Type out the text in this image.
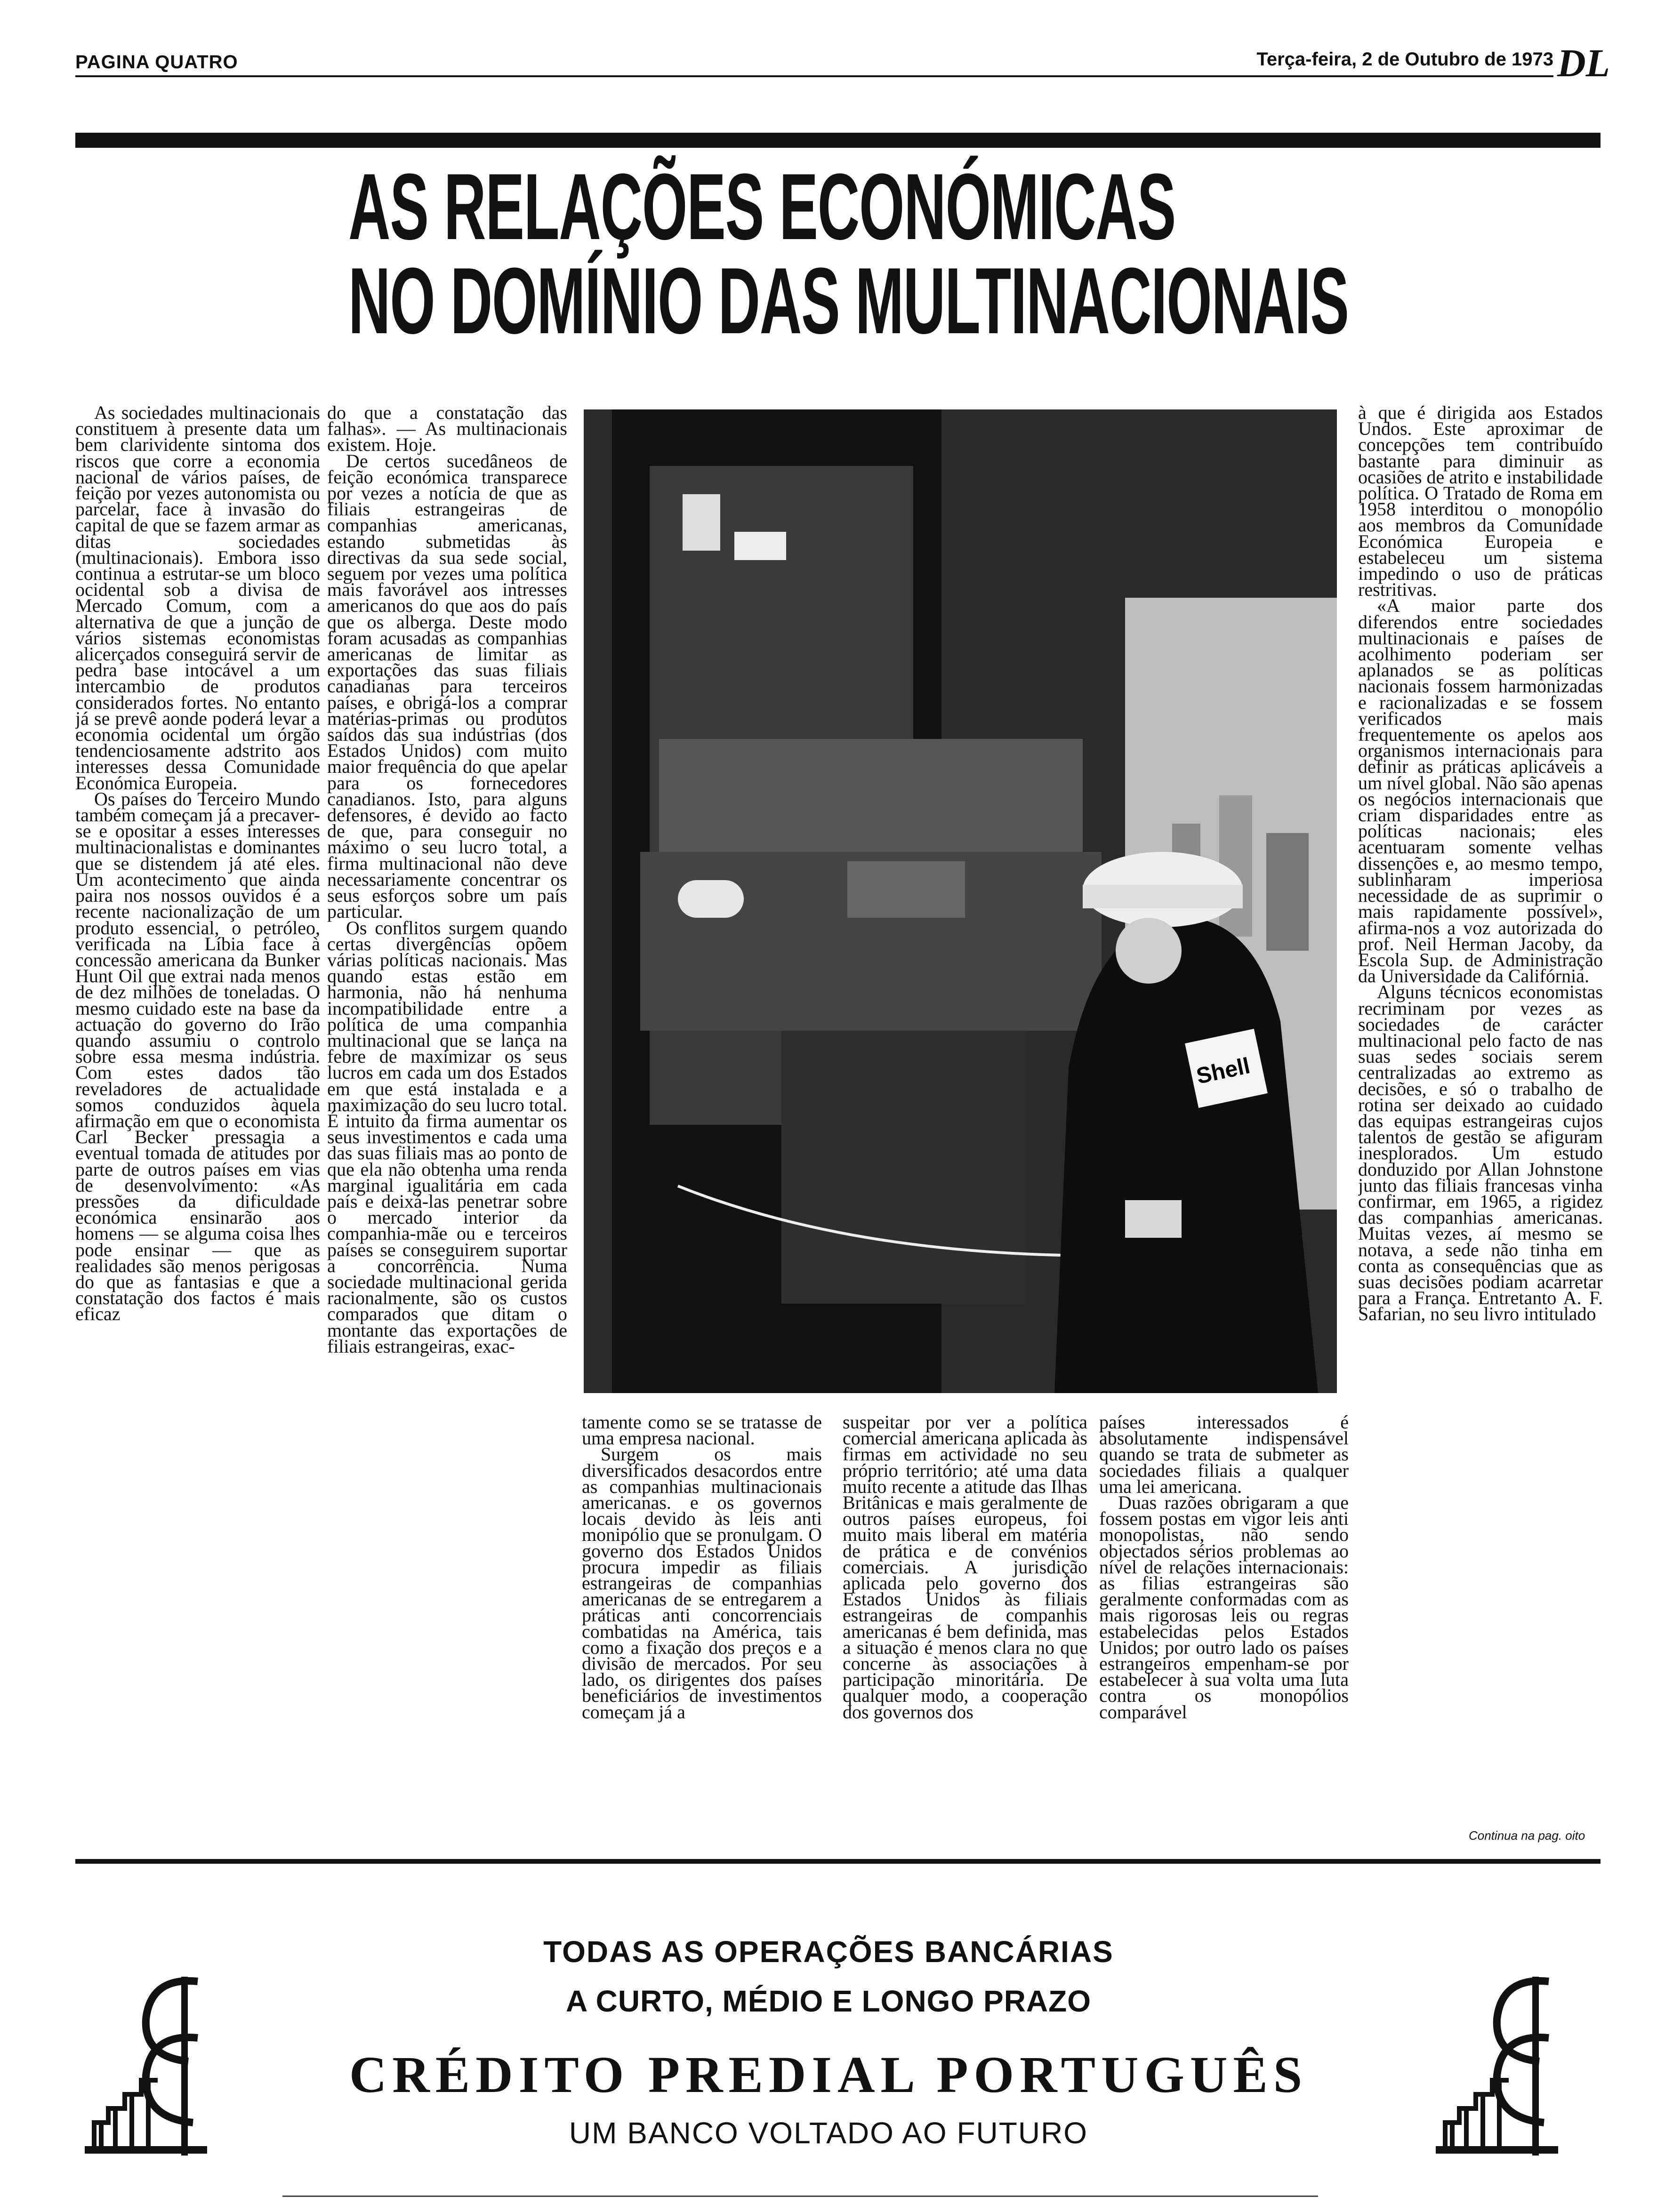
PAGINA QUATRO	Terça-feira, 2 de Outubro de 1973 DL
AS RELAÇÕES ECONÓMICAS
NO DOMÍNIO DAS MULTINACIONAIS

As sociedades multinacionais constituem à presente data um bem clarividente sintoma dos riscos que corre a economia nacional de vários países, de feição por vezes autonomista ou parcelar, face à invasão do capital de que se fazem armar as ditas sociedades (multinacionais). Embora isso continua a estrutar-se um bloco ocidental sob a divisa de Mercado Comum, com a alternativa de que a junção de vários sistemas economistas alicerçados conseguirá servir de pedra base intocável a um intercambio de produtos considerados fortes. No entanto já se prevê aonde poderá levar a economia ocidental um órgão tendenciosamente adstrito aos interesses dessa Comunidade Económica Europeia.

Os países do Terceiro Mundo também começam já a precaver-se e opositar a esses interesses multinacionalistas e dominantes que se distendem já até eles. Um acontecimento que ainda paira nos nossos ouvidos é a recente nacionalização de um produto essencial, o petróleo, verificada na Líbia face à concessão americana da Bunker Hunt Oil que extrai nada menos de dez milhões de toneladas. O mesmo cuidado este na base da actuação do governo do Irão quando assumiu o controlo sobre essa mesma indústria. Com estes dados tão reveladores de actualidade somos conduzidos àquela afirmação em que o economista Carl Becker pressagia a eventual tomada de atitudes por parte de outros países em vias de desenvolvimento: «As pressões da dificuldade económica ensinarão aos homens — se alguma coisa lhes pode ensinar — que as realidades são menos perigosas do que as fantasias e que a constatação dos factos é mais eficaz

do que a constatação das falhas». — As multinacionais existem. Hoje.

De certos sucedâneos de feição económica transparece por vezes a notícia de que as filiais estrangeiras de companhias americanas, estando submetidas às directivas da sua sede social, seguem por vezes uma política mais favorável aos intresses americanos do que aos do país que os alberga. Deste modo foram acusadas as companhias americanas de limitar as exportações das suas filiais canadianas para terceiros países, e obrigá-los a comprar matérias-primas ou produtos saídos das sua indústrias (dos Estados Unidos) com muito maior frequência do que apelar para os fornecedores canadianos. Isto, para alguns defensores, é devido ao facto de que, para conseguir no máximo o seu lucro total, a firma multinacional não deve necessariamente concentrar os seus esforços sobre um país particular.

Os conflitos surgem quando certas divergências opõem várias políticas nacionais. Mas quando estas estão em harmonia, não há nenhuma incompatibilidade entre a política de uma companhia multinacional que se lança na febre de maximizar os seus lucros em cada um dos Estados em que está instalada e a maximização do seu lucro total. É intuito da firma aumentar os seus investimentos e cada uma das suas filiais mas ao ponto de que ela não obtenha uma renda marginal igualitária em cada país e deixá-las penetrar sobre o mercado interior da companhia-mãe ou e terceiros países se conseguirem suportar a concorrência. Numa sociedade multinacional gerida racionalmente, são os custos comparados que ditam o montante das exportações de filiais estrangeiras, exac-

Shell

tamente como se se tratasse de uma empresa nacional.

Surgem os mais diversificados desacordos entre as companhias multinacionais americanas. e os governos locais devido às leis anti monipólio que se pronulgam. O governo dos Estados Unidos procura impedir as filiais estrangeiras de companhias americanas de se entregarem a práticas anti concorrenciais combatidas na América, tais como a fixação dos preços e a divisão de mercados. Por seu lado, os dirigentes dos países beneficiários de investimentos começam já a

suspeitar por ver a política comercial americana aplicada às firmas em actividade no seu próprio território; até uma data muito recente a atitude das Ilhas Britânicas e mais geralmente de outros países europeus, foi muito mais liberal em matéria de prática e de convénios comerciais. A jurisdição aplicada pelo governo dos Estados Unidos às filiais estrangeiras de companhis americanas é bem definida, mas a situação é menos clara no que concerne às associações à participação minoritária. De qualquer modo, a cooperação dos governos dos

países interessados é absolutamente indispensável quando se trata de submeter as sociedades filiais a qualquer uma lei americana.

Duas razões obrigaram a que fossem postas em vigor leis anti monopolistas, não sendo objectados sérios problemas ao nível de relações internacionais: as filias estrangeiras são geralmente conformadas com as mais rigorosas leis ou regras estabelecidas pelos Estados Unidos; por outro lado os países estrangeiros empenham-se por estabelecer à sua volta uma luta contra os monopólios comparável

à que é dirigida aos Estados Undos. Este aproximar de concepções tem contribuído bastante para diminuir as ocasiões de atrito e instabilidade política. O Tratado de Roma em 1958 interditou o monopólio aos membros da Comunidade Económica Europeia e estabeleceu um sistema impedindo o uso de práticas restritivas.

«A maior parte dos diferendos entre sociedades multinacionais e países de acolhimento poderiam ser aplanados se as políticas nacionais fossem harmonizadas e racionalizadas e se fossem verificados mais frequentemente os apelos aos organismos internacionais para definir as práticas aplicáveis a um nível global. Não são apenas os negócios internacionais que criam disparidades entre as políticas nacionais; eles acentuaram somente velhas dissenções e, ao mesmo tempo, sublinharam imperiosa necessidade de as suprimir o mais rapidamente possível», afirma-nos a voz autorizada do prof. Neil Herman Jacoby, da Escola Sup. de Administração da Universidade da Califórnia.

Alguns técnicos economistas recriminam por vezes as sociedades de carácter multinacional pelo facto de nas suas sedes sociais serem centralizadas ao extremo as decisões, e só o trabalho de rotina ser deixado ao cuidado das equipas estrangeiras cujos talentos de gestão se afiguram inesplorados. Um estudo donduzido por Allan Johnstone junto das filiais francesas vinha confirmar, em 1965, a rigidez das companhias americanas. Muitas vezes, aí mesmo se notava, a sede não tinha em conta as consequências que as suas decisões podiam acarretar para a França. Entretanto A. F. Safarian, no seu livro intitulado

Continua na pag. oito
TODAS AS OPERAÇÕES BANCÁRIAS
A CURTO, MÉDIO E LONGO PRAZO
CRÉDITO PREDIAL PORTUGUÊS
UM BANCO VOLTADO AO FUTURO
